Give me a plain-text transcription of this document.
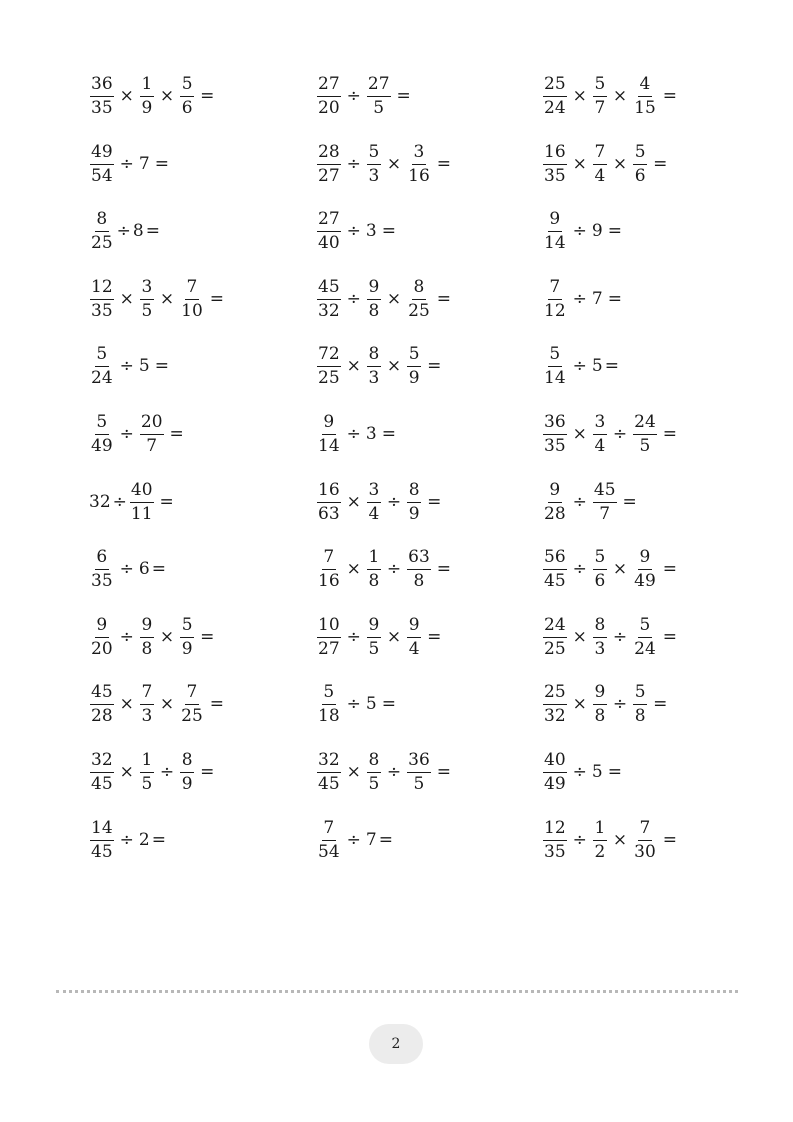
$\frac{36}{35} \times \frac{1}{9} \times \frac{5}{6}$ =
$\frac{49}{54} \div 7$ =
$\frac{8}{25} \div 8$ =
$\frac{12}{35} \times \frac{3}{5} \times \frac{7}{10}$ =
$\frac{5}{24} \div 5$ =
$\frac{5}{49} \div \frac{20}{7}$ =
$32 \div \frac{40}{11}$ =
$\frac{6}{35} \div 6$ =
$\frac{9}{20} \div \frac{9}{8} \times \frac{5}{9}$ =
$\frac{45}{28} \times \frac{7}{3} \times \frac{7}{25}$ =
$\frac{32}{45} \times \frac{1}{5} \div \frac{8}{9}$ =
$\frac{14}{45} \div 2$ =
$\frac{27}{20} \div \frac{27}{5}$ =
$\frac{28}{27} \div \frac{5}{3} \times \frac{3}{16}$ =
$\frac{27}{40} \div 3$ =
$\frac{45}{32} \div \frac{9}{8} \times \frac{8}{25}$ =
$\frac{72}{25} \times \frac{8}{3} \times \frac{5}{9}$ =
$\frac{9}{14} \div 3$ =
$\frac{16}{63} \times \frac{3}{4} \div \frac{8}{9}$ =
$\frac{7}{16} \times \frac{1}{8} \div \frac{63}{8}$ =
$\frac{10}{27} \div \frac{9}{5} \times \frac{9}{4}$ =
$\frac{5}{18} \div 5$ =
$\frac{32}{45} \times \frac{8}{5} \div \frac{36}{5}$ =
$\frac{7}{54} \div 7$ =
$\frac{25}{24} \times \frac{5}{7} \times \frac{4}{15}$ =
$\frac{16}{35} \times \frac{7}{4} \times \frac{5}{6}$ =
$\frac{9}{14} \div 9$ =
$\frac{7}{12} \div 7$ =
$\frac{5}{14} \div 5$ =
$\frac{36}{35} \times \frac{3}{4} \div \frac{24}{5}$ =
$\frac{9}{28} \div \frac{45}{7}$ =
$\frac{56}{45} \div \frac{5}{6} \times \frac{9}{49}$ =
$\frac{24}{25} \times \frac{8}{3} \div \frac{5}{24}$ =
$\frac{25}{32} \times \frac{9}{8} \div \frac{5}{8}$ =
$\frac{40}{49} \div 5$ =
$\frac{12}{35} \div \frac{1}{2} \times \frac{7}{30}$ =
2
